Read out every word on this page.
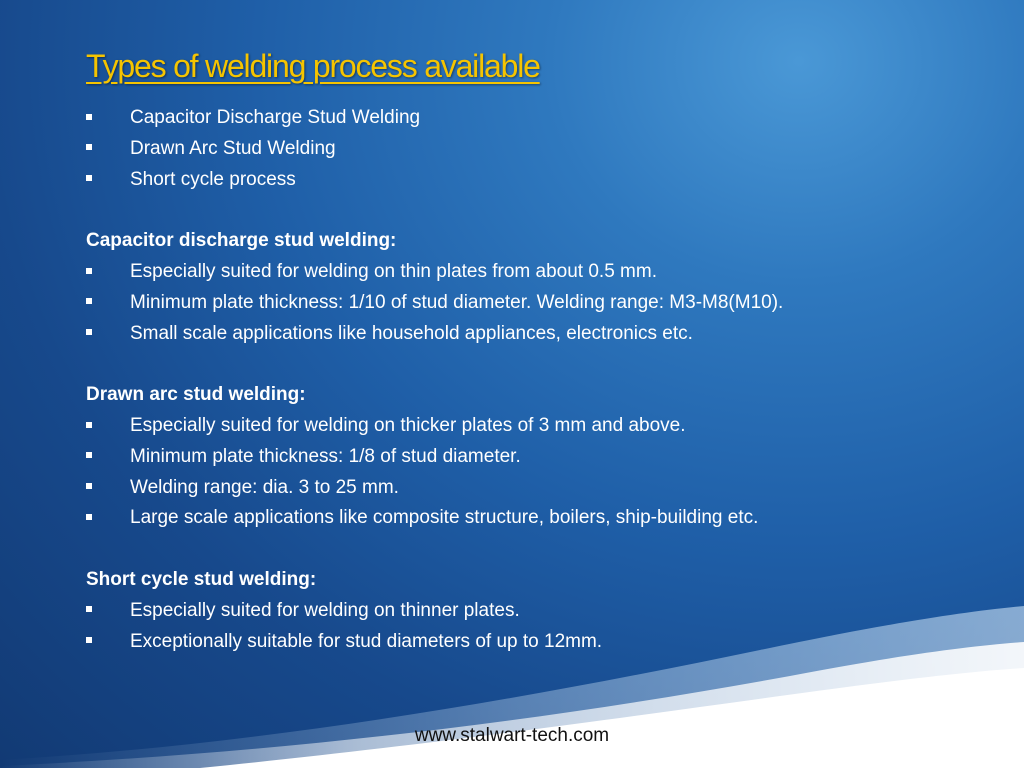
Types of welding process available
Capacitor Discharge Stud Welding
Drawn Arc Stud Welding
Short cycle process
Capacitor discharge stud welding:
Especially suited for welding on thin plates from about 0.5 mm.
Minimum plate thickness: 1/10 of stud diameter. Welding range: M3-M8(M10).
Small scale applications like household appliances, electronics etc.
Drawn arc stud welding:
Especially suited for welding on thicker plates of 3 mm and above.
Minimum plate thickness: 1/8 of stud diameter.
Welding range: dia. 3 to 25 mm.
Large scale applications like composite structure, boilers, ship-building etc.
Short cycle stud welding:
Especially suited for welding on thinner plates.
Exceptionally suitable for stud diameters of up to 12mm.
www.stalwart-tech.com
